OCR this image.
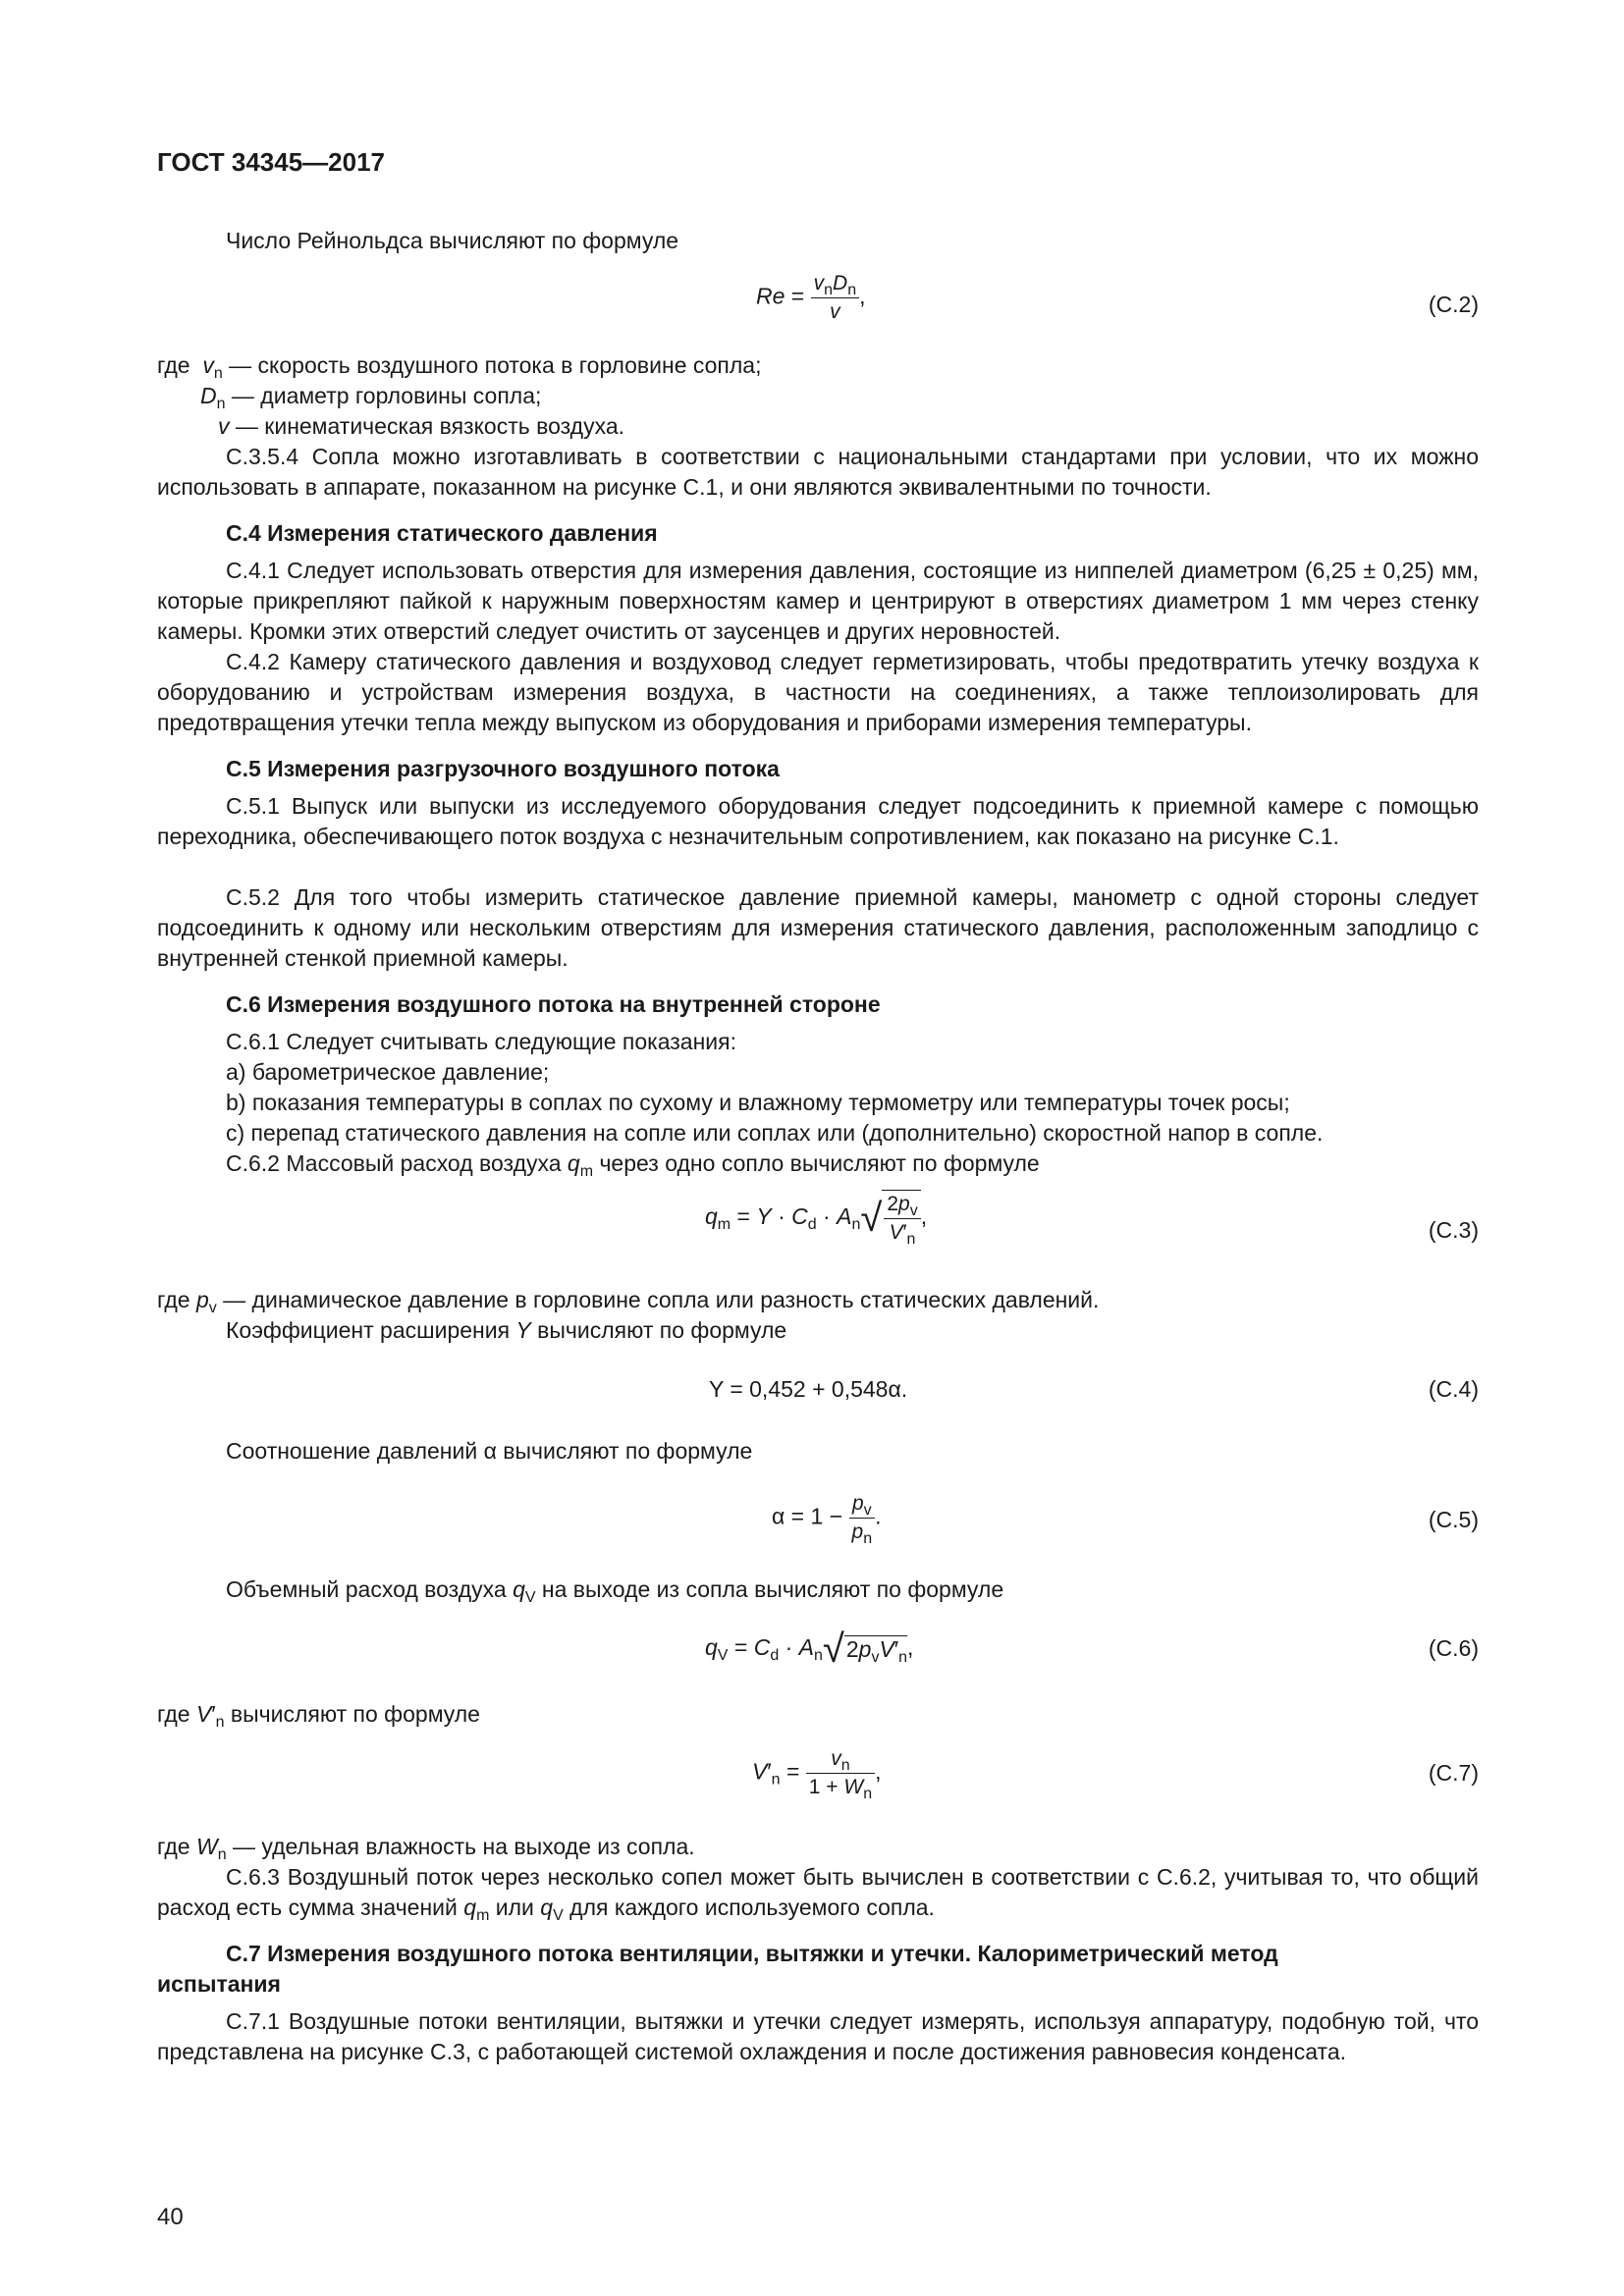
ГОСТ 34345—2017
Число Рейнольдса вычисляют по формуле
$Re = \frac{v_nD_n}{v}$ ,	(C.2)
где  $v_n$ — скорость воздушного потока в горловине сопла;
$D_n$ — диаметр горловины сопла;
v — кинематическая вязкость воздуха.
C.3.5.4 Сопла можно изготавливать в соответствии с национальными стандартами при условии, что их можно использовать в аппарате, показанном на рисунке C.1, и они являются эквивалентными по точности.
C.4 Измерения статического давления
C.4.1 Следует использовать отверстия для измерения давления, состоящие из ниппелей диаметром (6,25 ± 0,25) мм, которые прикрепляют пайкой к наружным поверхностям камер и центрируют в отверстиях диаметром 1 мм через стенку камеры. Кромки этих отверстий следует очистить от заусенцев и других неровностей.
C.4.2 Камеру статического давления и воздуховод следует герметизировать, чтобы предотвратить утечку воздуха к оборудованию и устройствам измерения воздуха, в частности на соединениях, а также теплоизолировать для предотвращения утечки тепла между выпуском из оборудования и приборами измерения температуры.
C.5 Измерения разгрузочного воздушного потока
C.5.1 Выпуск или выпуски из исследуемого оборудования следует подсоединить к приемной камере с помощью переходника, обеспечивающего поток воздуха с незначительным сопротивлением, как показано на рисунке C.1.
C.5.2 Для того чтобы измерить статическое давление приемной камеры, манометр с одной стороны следует подсоединить к одному или нескольким отверстиям для измерения статического давления, расположенным заподлицо с внутренней стенкой приемной камеры.
C.6 Измерения воздушного потока на внутренней стороне
C.6.1 Следует считывать следующие показания:
a) барометрическое давление;
b) показания температуры в соплах по сухому и влажному термометру или температуры точек росы;
c) перепад статического давления на сопле или соплах или (дополнительно) скоростной напор в сопле.
C.6.2 Массовый расход воздуха $q_m$ через одно сопло вычисляют по формуле
$q_m = Y \cdot C_d \cdot A_n√ \frac{2p_v}{V'_n}$ ,
(C.3)
где $p_v$ — динамическое давление в горловине сопла или разность статических давлений.
Коэффициент расширения Y вычисляют по формуле
Y = 0,452 + 0,548α.	(C.4)
Соотношение давлений α вычисляют по формуле
$\alpha = 1 - \frac{p_v}{p_n}$ .	(C.5)
Объемный расход воздуха $q_V$ на выходе из сопла вычисляют по формуле
$q_V = C_d \cdot A_n√2p_vV'_n$,	(C.6)
где $V'_n$ вычисляют по формуле
$V'_n = \frac{v_n}{1 + W_n}$ ,	(C.7)
где $W_n$ — удельная влажность на выходе из сопла.
C.6.3 Воздушный поток через несколько сопел может быть вычислен в соответствии с C.6.2, учитывая то, что общий расход есть сумма значений $q_m$ или $q_V$ для каждого используемого сопла.
C.7 Измерения воздушного потока вентиляции, вытяжки и утечки. Калориметрический метод
испытания
C.7.1 Воздушные потоки вентиляции, вытяжки и утечки следует измерять, используя аппаратуру, подобную той, что представлена на рисунке C.3, с работающей системой охлаждения и после достижения равновесия конденсата.
40
